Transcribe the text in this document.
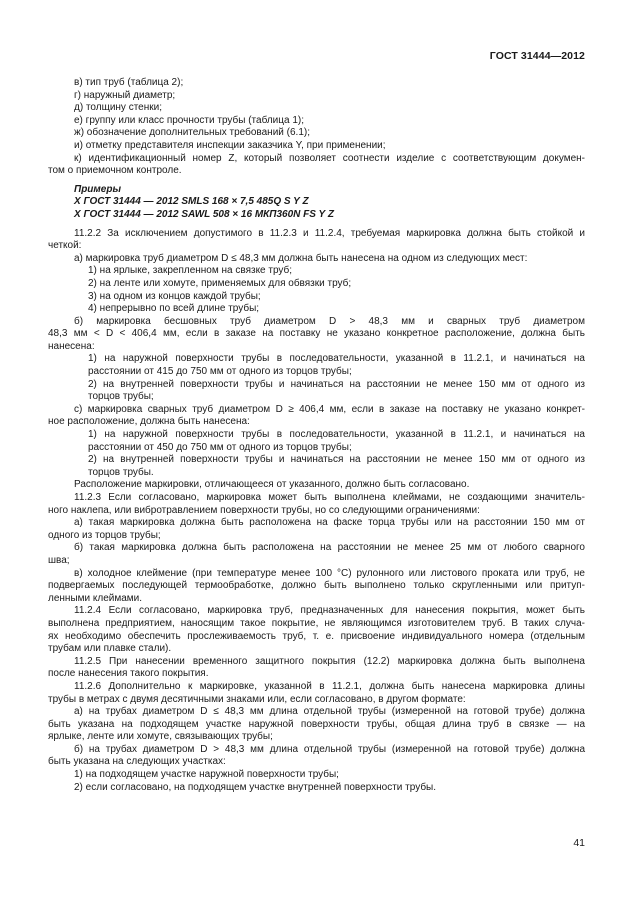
ГОСТ 31444—2012
в) тип труб (таблица 2);
г) наружный диаметр;
д) толщину стенки;
е) группу или класс прочности трубы (таблица 1);
ж) обозначение дополнительных требований (6.1);
и) отметку представителя инспекции заказчика Y, при применении;
к) идентификационный номер Z, который позволяет соотнести изделие с соответствующим докумен-
том о приемочном контроле.
Примеры
X ГОСТ 31444 — 2012 SMLS 168 × 7,5 485Q S Y Z
X ГОСТ 31444 — 2012 SAWL 508 × 16 МКП360N FS Y Z
11.2.2 За исключением допустимого в 11.2.3 и 11.2.4, требуемая маркировка должна быть стойкой и
четкой:
а) маркировка труб диаметром D ≤ 48,3 мм должна быть нанесена на одном из следующих мест:
1) на ярлыке, закрепленном на связке труб;
2) на ленте или хомуте, применяемых для обвязки труб;
3) на одном из концов каждой трубы;
4) непрерывно по всей длине трубы;
б) маркировка бесшовных труб диаметром D > 48,3 мм и сварных труб диаметром
48,3 мм < D < 406,4 мм, если в заказе на поставку не указано конкретное расположение, должна быть
нанесена:
1) на наружной поверхности трубы в последовательности, указанной в 11.2.1, и начинаться на
расстоянии от 415 до 750 мм от одного из торцов трубы;
2) на внутренней поверхности трубы и начинаться на расстоянии не менее 150 мм от одного из
торцов трубы;
с) маркировка сварных труб диаметром D ≥ 406,4 мм, если в заказе на поставку не указано конкрет-
ное расположение, должна быть нанесена:
1) на наружной поверхности трубы в последовательности, указанной в 11.2.1, и начинаться на
расстоянии от 450 до 750 мм от одного из торцов трубы;
2) на внутренней поверхности трубы и начинаться на расстоянии не менее 150 мм от одного из
торцов трубы.
Расположение маркировки, отличающееся от указанного, должно быть согласовано.
11.2.3 Если согласовано, маркировка может быть выполнена клеймами, не создающими значитель-
ного наклепа, или вибротравлением поверхности трубы, но со следующими ограничениями:
а) такая маркировка должна быть расположена на фаске торца трубы или на расстоянии 150 мм от
одного из торцов трубы;
б) такая маркировка должна быть расположена на расстоянии не менее 25 мм от любого сварного
шва;
в) холодное клеймение (при температуре менее 100 °С) рулонного или листового проката или труб, не
подвергаемых последующей термообработке, должно быть выполнено только скругленными или притуп-
ленными клеймами.
11.2.4 Если согласовано, маркировка труб, предназначенных для нанесения покрытия, может быть
выполнена предприятием, наносящим такое покрытие, не являющимся изготовителем труб. В таких случа-
ях необходимо обеспечить прослеживаемость труб, т. е. присвоение индивидуального номера (отдельным
трубам или плавке стали).
11.2.5 При нанесении временного защитного покрытия (12.2) маркировка должна быть выполнена
после нанесения такого покрытия.
11.2.6 Дополнительно к маркировке, указанной в 11.2.1, должна быть нанесена маркировка длины
трубы в метрах с двумя десятичными знаками или, если согласовано, в другом формате:
а) на трубах диаметром D ≤ 48,3 мм длина отдельной трубы (измеренной на готовой трубе) должна
быть указана на подходящем участке наружной поверхности трубы, общая длина труб в связке — на
ярлыке, ленте или хомуте, связывающих трубы;
б) на трубах диаметром D > 48,3 мм длина отдельной трубы (измеренной на готовой трубе) должна
быть указана на следующих участках:
1) на подходящем участке наружной поверхности трубы;
2) если согласовано, на подходящем участке внутренней поверхности трубы.
41
